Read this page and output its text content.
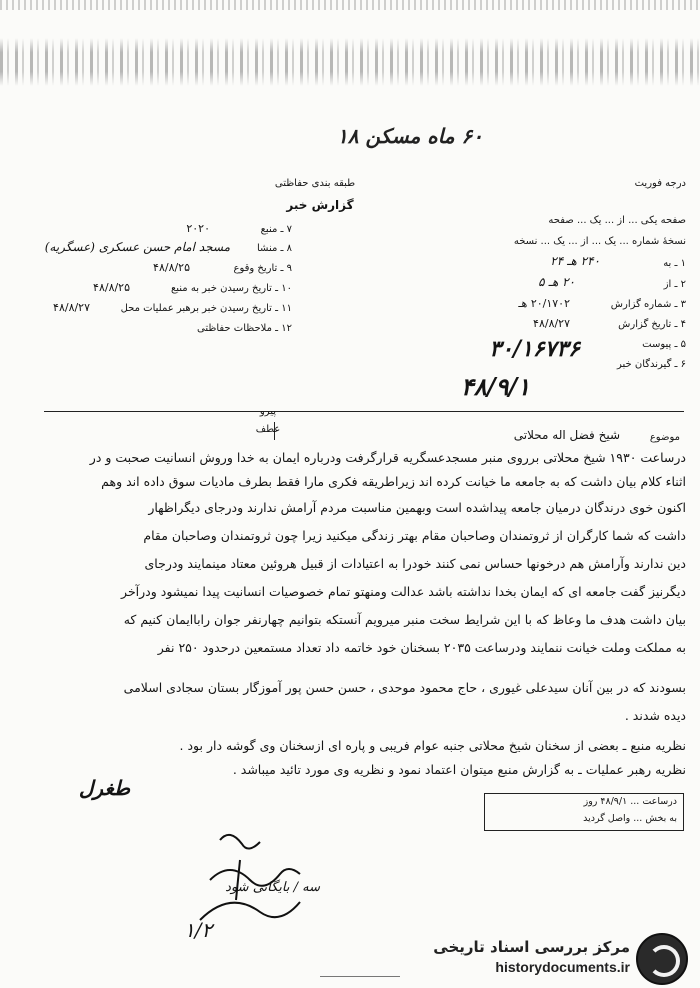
۶۰ ماه مسکن ۱۸
درجه فوریت
طبقه بندی حفاظتی
گزارش خبر
صفحه یکی ... از ... یک ... صفحه
نسخهٔ شماره ... یک ... از ... یک ... نسخه
۱ ـ به
۲۴۰ هـ ۲۴
۲ ـ از
۲۰ هـ ۵
۳ ـ شماره گزارش
۲۰/۱۷۰۲ هـ
۴ ـ تاریخ گزارش
۴۸/۸/۲۷
۵ ـ پیوست
۶ ـ گیرندگان خبر
۳۰/۱۶۷۳۶
۴۸/۹/۱
۷ ـ منبع
۲۰۲۰
۸ ـ منشا
مسجد امام حسن عسکری (عسگریه)
۹ ـ تاریخ وقوع
۴۸/۸/۲۵
۱۰ ـ تاریخ رسیدن خبر به منبع
۴۸/۸/۲۵
۱۱ ـ تاریخ رسیدن خبر برهبر عملیات محل
۴۸/۸/۲۷
۱۲ ـ ملاحظات حفاظتی
موضوع
شیخ فضل اله محلاتی
عطف
پیرو
درساعت ۱۹۳۰ شیخ محلاتی برروی منبر مسجدعسگریه قرارگرفت ودرباره ایمان به خدا وروش انسانیت صحبت و در
اثناء کلام بیان داشت که به جامعه ما خیانت کرده اند زیراطریقه فکری مارا فقط بطرف مادیات سوق داده اند وهم
اکنون خوی درندگان درمیان جامعه پیداشده است وبهمین مناسبت مردم آرامش ندارند ودرجای دیگراظهار
داشت که شما کارگران از ثروتمندان وصاحبان مقام بهتر زندگی میکنید زیرا چون ثروتمندان وصاحبان مقام
دین ندارند وآرامش هم درخونها حساس نمی کنند خودرا به اعتیادات از قبیل هروئین معتاد مینمایند ودرجای
دیگرنیز گفت جامعه ای که ایمان بخدا نداشته باشد عدالت ومنهتو تمام خصوصیات انسانیت پیدا نمیشود ودرآخر
بیان داشت هدف ما وعاظ که با این شرایط سخت منبر میرویم آنستکه بتوانیم چهارنفر جوان راباایمان کنیم که
به مملکت وملت خیانت ننمایند ودرساعت ۲۰۳۵ بسخنان خود خاتمه داد تعداد مستمعین درحدود ۲۵۰ نفر
بسودند که در بین آنان سیدعلی غیوری ، حاج محمود موحدی ، حسن حسن پور آموزگار بستان سجادی اسلامی
دیده شدند .
نظریه منبع ـ بعضی از سخنان شیخ محلاتی جنبه عوام فریبی و پاره ای ازسخنان وی گوشه دار بود .
نظریه رهبر عملیات ـ به گزارش منبع میتوان اعتماد نمود و نظریه وی مورد تائید میباشد .
طغرل
درساعت ... ۴۸/۹/۱ روز
به بخش ... واصل گردید
سه / بایگانی شود
۱/۲
مرکز بررسی اسناد تاریخی
historydocuments.ir
